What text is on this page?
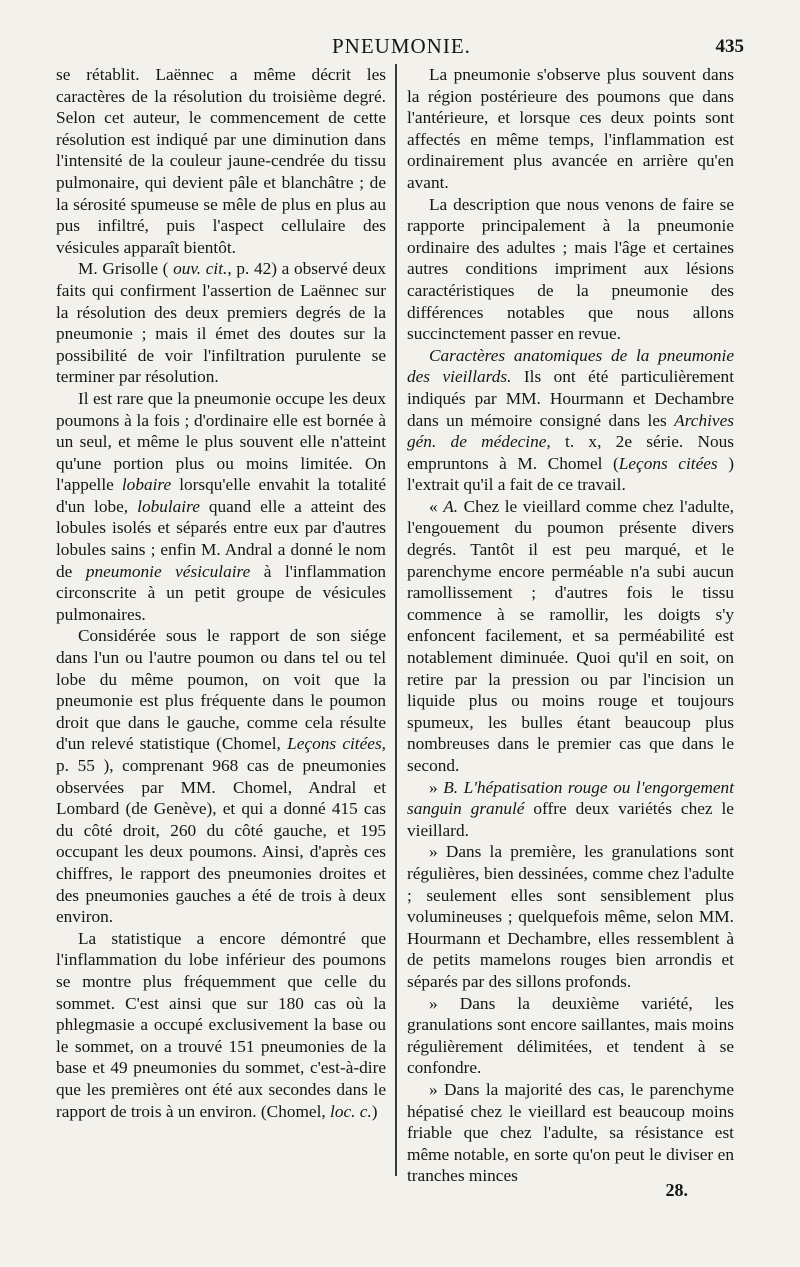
PNEUMONIE.	435

se rétablit. Laënnec a même décrit les caractères de la résolution du troisième degré. Selon cet auteur, le commencement de cette résolution est indiqué par une diminution dans l'intensité de la couleur jaune-cendrée du tissu pulmonaire, qui devient pâle et blanchâtre ; de la sérosité spumeuse se mêle de plus en plus au pus infiltré, puis l'aspect cellulaire des vésicules apparaît bientôt.

M. Grisolle ( ouv. cit., p. 42) a observé deux faits qui confirment l'assertion de Laënnec sur la résolution des deux premiers degrés de la pneumonie ; mais il émet des doutes sur la possibilité de voir l'infiltration purulente se terminer par résolution.

Il est rare que la pneumonie occupe les deux poumons à la fois ; d'ordinaire elle est bornée à un seul, et même le plus souvent elle n'atteint qu'une portion plus ou moins limitée. On l'appelle lobaire lorsqu'elle envahit la totalité d'un lobe, lobulaire quand elle a atteint des lobules isolés et séparés entre eux par d'autres lobules sains ; enfin M. Andral a donné le nom de pneumonie vésiculaire à l'inflammation circonscrite à un petit groupe de vésicules pulmonaires.

Considérée sous le rapport de son siége dans l'un ou l'autre poumon ou dans tel ou tel lobe du même poumon, on voit que la pneumonie est plus fréquente dans le poumon droit que dans le gauche, comme cela résulte d'un relevé statistique (Chomel, Leçons citées, p. 55 ), comprenant 968 cas de pneumonies observées par MM. Chomel, Andral et Lombard (de Genève), et qui a donné 415 cas du côté droit, 260 du côté gauche, et 195 occupant les deux poumons. Ainsi, d'après ces chiffres, le rapport des pneumonies droites et des pneumonies gauches a été de trois à deux environ.

La statistique a encore démontré que l'inflammation du lobe inférieur des poumons se montre plus fréquemment que celle du sommet. C'est ainsi que sur 180 cas où la phlegmasie a occupé exclusivement la base ou le sommet, on a trouvé 151 pneumonies de la base et 49 pneumonies du sommet, c'est-à-dire que les premières ont été aux secondes dans le rapport de trois à un environ. (Chomel, loc. c.)

La pneumonie s'observe plus souvent dans la région postérieure des poumons que dans l'antérieure, et lorsque ces deux points sont affectés en même temps, l'inflammation est ordinairement plus avancée en arrière qu'en avant.

La description que nous venons de faire se rapporte principalement à la pneumonie ordinaire des adultes ; mais l'âge et certaines autres conditions impriment aux lésions caractéristiques de la pneumonie des différences notables que nous allons succinctement passer en revue.

Caractères anatomiques de la pneumonie des vieillards. Ils ont été particulièrement indiqués par MM. Hourmann et Dechambre dans un mémoire consigné dans les Archives gén. de médecine, t. x, 2e série. Nous empruntons à M. Chomel (Leçons citées ) l'extrait qu'il a fait de ce travail.

« A. Chez le vieillard comme chez l'adulte, l'engouement du poumon présente divers degrés. Tantôt il est peu marqué, et le parenchyme encore perméable n'a subi aucun ramollissement ; d'autres fois le tissu commence à se ramollir, les doigts s'y enfoncent facilement, et sa perméabilité est notablement diminuée. Quoi qu'il en soit, on retire par la pression ou par l'incision un liquide plus ou moins rouge et toujours spumeux, les bulles étant beaucoup plus nombreuses dans le premier cas que dans le second.

» B. L'hépatisation rouge ou l'engorgement sanguin granulé offre deux variétés chez le vieillard.

» Dans la première, les granulations sont régulières, bien dessinées, comme chez l'adulte ; seulement elles sont sensiblement plus volumineuses ; quelquefois même, selon MM. Hourmann et Dechambre, elles ressemblent à de petits mamelons rouges bien arrondis et séparés par des sillons profonds.

» Dans la deuxième variété, les granulations sont encore saillantes, mais moins régulièrement délimitées, et tendent à se confondre.

» Dans la majorité des cas, le parenchyme hépatisé chez le vieillard est beaucoup moins friable que chez l'adulte, sa résistance est même notable, en sorte qu'on peut le diviser en tranches minces

28.
